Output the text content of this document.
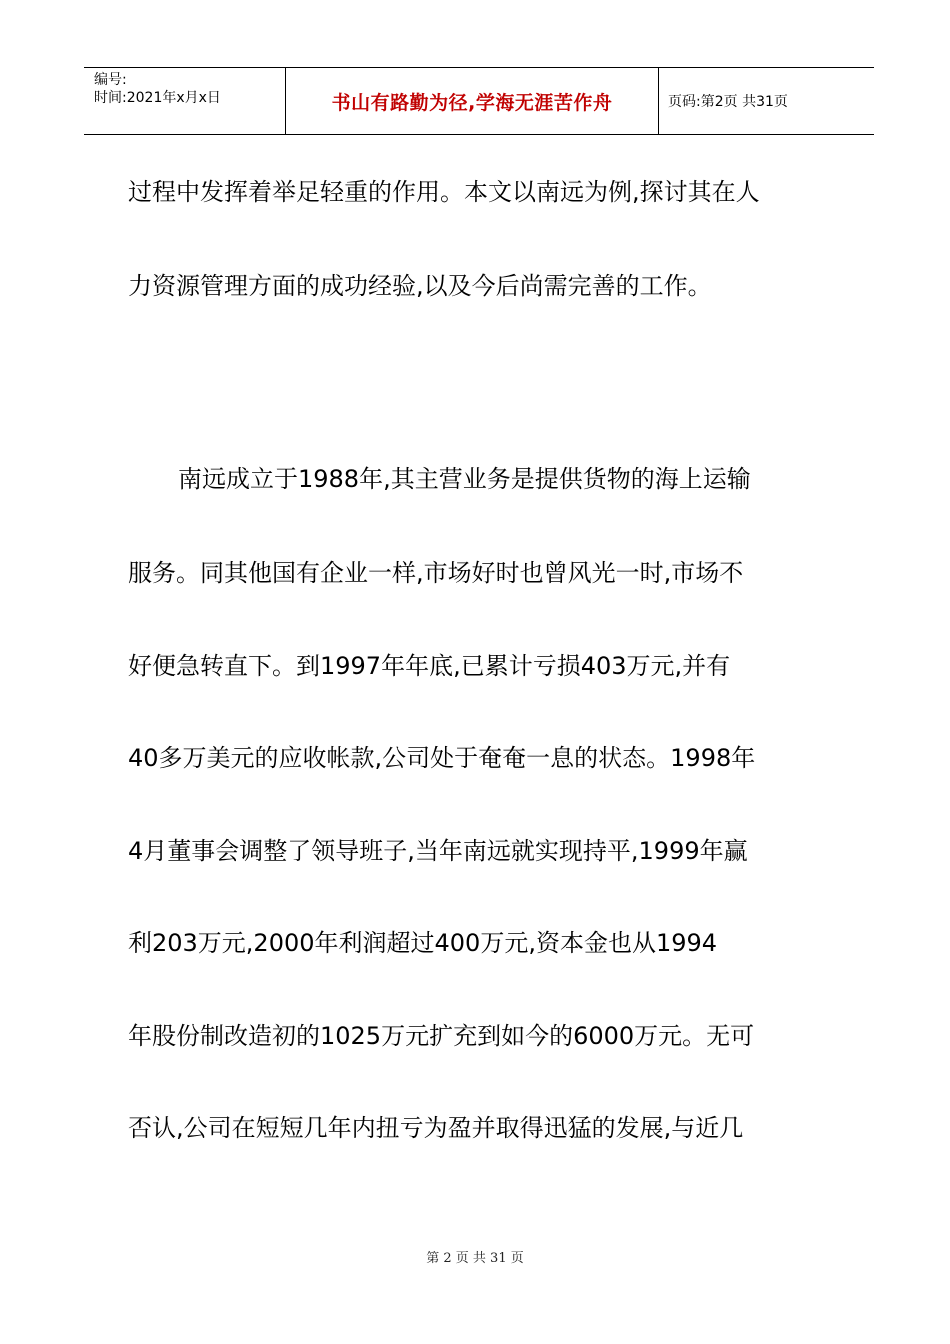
编号:
时间:2021年x月x日	书山有路勤为径,学海无涯苦作舟	页码:第2页 共31页
过程中发挥着举足轻重的作用。本文以南远为例,探讨其在人
力资源管理方面的成功经验,以及今后尚需完善的工作。
南远成立于1988年,其主营业务是提供货物的海上运输
服务。同其他国有企业一样,市场好时也曾风光一时,市场不
好便急转直下。到1997年年底,已累计亏损403万元,并有
40多万美元的应收帐款,公司处于奄奄一息的状态。1998年
4月董事会调整了领导班子,当年南远就实现持平,1999年赢
利203万元,2000年利润超过400万元,资本金也从1994
年股份制改造初的1025万元扩充到如今的6000万元。无可
否认,公司在短短几年内扭亏为盈并取得迅猛的发展,与近几
第 2 页 共 31 页
